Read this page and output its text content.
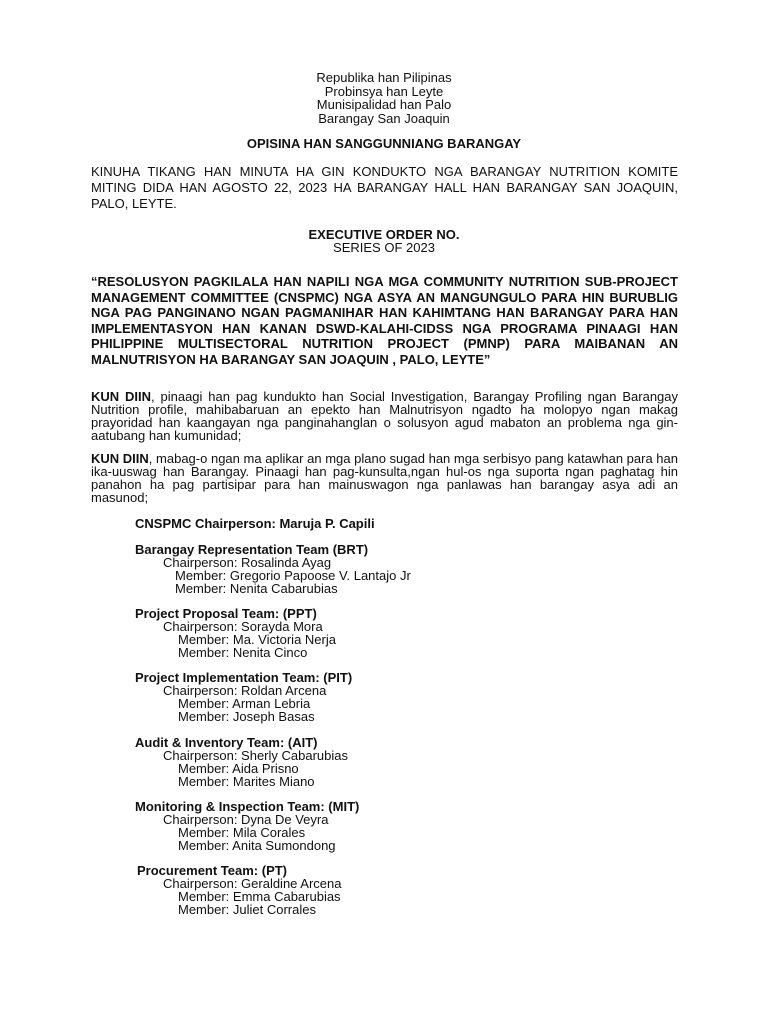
Republika han Pilipinas
Probinsya han Leyte
Munisipalidad han Palo
Barangay San Joaquin
OPISINA HAN SANGGUNNIANG BARANGAY
KINUHA TIKANG HAN MINUTA HA GIN KONDUKTO NGA BARANGAY NUTRITION KOMITE MITING DIDA HAN AGOSTO 22, 2023 HA BARANGAY HALL HAN BARANGAY SAN JOAQUIN, PALO, LEYTE.
EXECUTIVE ORDER NO.
SERIES OF 2023
“RESOLUSYON PAGKILALA HAN NAPILI NGA MGA COMMUNITY NUTRITION SUB-PROJECT MANAGEMENT COMMITTEE (CNSPMC) NGA ASYA AN MANGUNGULO PARA HIN BURUBLIG NGA PAG PANGINANO NGAN PAGMANIHAR HAN KAHIMTANG HAN BARANGAY PARA HAN IMPLEMENTASYON HAN KANAN DSWD-KALAHI-CIDSS NGA PROGRAMA PINAAGI HAN PHILIPPINE MULTISECTORAL NUTRITION PROJECT (PMNP) PARA MAIBANAN AN MALNUTRISYON HA BARANGAY SAN JOAQUIN , PALO, LEYTE”
KUN DIIN, pinaagi han pag kundukto han Social Investigation, Barangay Profiling ngan Barangay Nutrition profile, mahibabaruan an epekto han Malnutrisyon ngadto ha molopyo ngan makag prayoridad han kaangayan nga panginahanglan o solusyon agud mabaton an problema nga gin-aatubang han kumunidad;
KUN DIIN, mabag-o ngan ma aplikar an mga plano sugad han mga serbisyo pang katawhan para han ika-uuswag han Barangay. Pinaagi han pag-kunsulta,ngan hul-os nga suporta ngan paghatag hin panahon ha pag partisipar para han mainuswagon nga panlawas han barangay asya adi an masunod;
CNSPMC Chairperson: Maruja P. Capili
Barangay Representation Team (BRT)
Chairperson: Rosalinda Ayag
Member: Gregorio Papoose V. Lantajo Jr
Member: Nenita Cabarubias
Project Proposal Team: (PPT)
Chairperson: Sorayda Mora
Member: Ma. Victoria Nerja
Member: Nenita Cinco
Project Implementation Team: (PIT)
Chairperson: Roldan Arcena
Member: Arman Lebria
Member: Joseph Basas
Audit & Inventory Team: (AIT)
Chairperson: Sherly Cabarubias
Member: Aida Prisno
Member: Marites Miano
Monitoring & Inspection Team: (MIT)
Chairperson: Dyna De Veyra
Member: Mila Corales
Member: Anita Sumondong
Procurement Team: (PT)
Chairperson: Geraldine Arcena
Member: Emma Cabarubias
Member: Juliet Corrales
